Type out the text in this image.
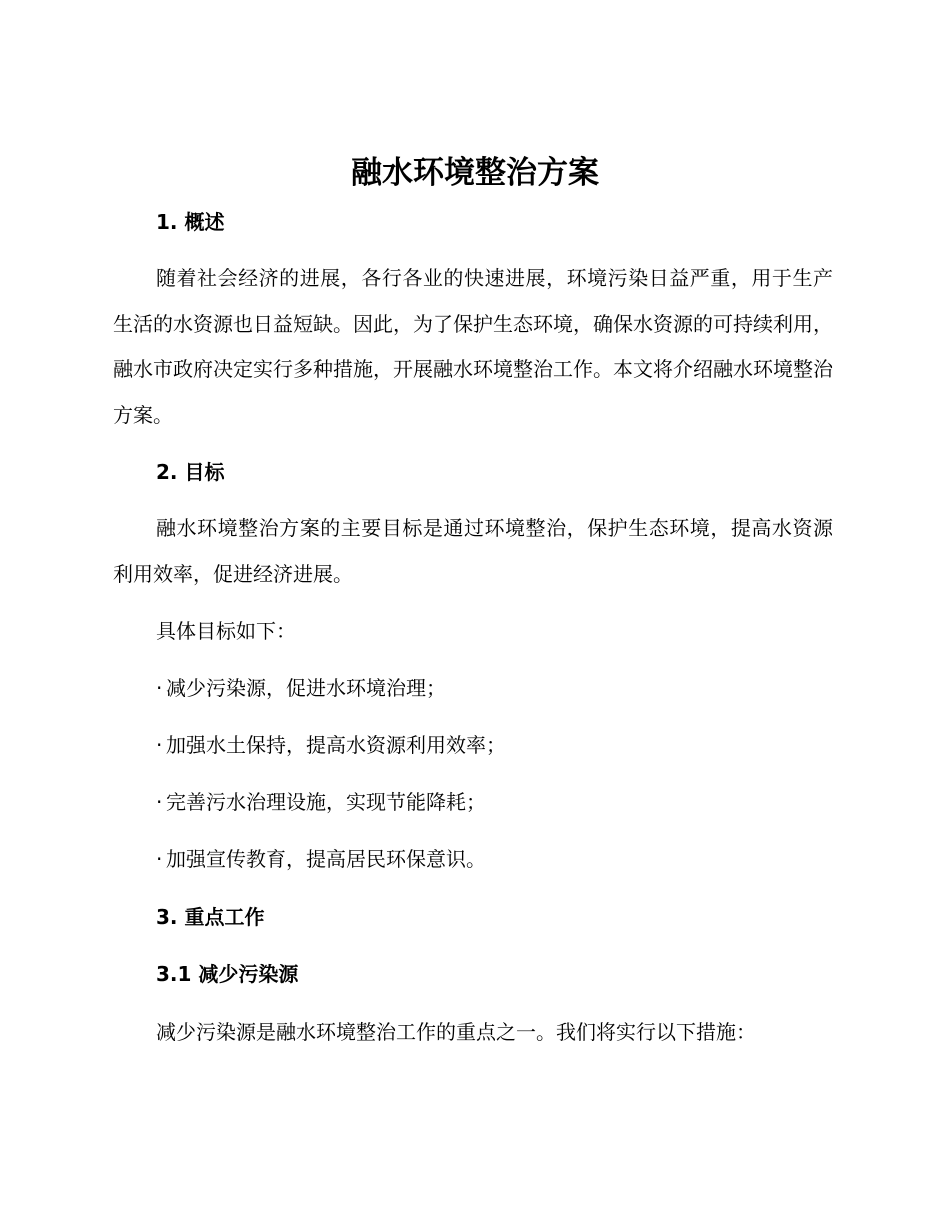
融水环境整治方案
1. 概述

随着社会经济的进展，各行各业的快速进展，环境污染日益严重，用于生产生活的水资源也日益短缺。因此，为了保护生态环境，确保水资源的可持续利用，融水市政府决定实行多种措施，开展融水环境整治工作。本文将介绍融水环境整治方案。

2. 目标

融水环境整治方案的主要目标是通过环境整治，保护生态环境，提高水资源利用效率，促进经济进展。

具体目标如下：

· 减少污染源，促进水环境治理；

· 加强水土保持，提高水资源利用效率；

· 完善污水治理设施，实现节能降耗；

· 加强宣传教育，提高居民环保意识。

3. 重点工作
3.1 减少污染源

减少污染源是融水环境整治工作的重点之一。我们将实行以下措施：
